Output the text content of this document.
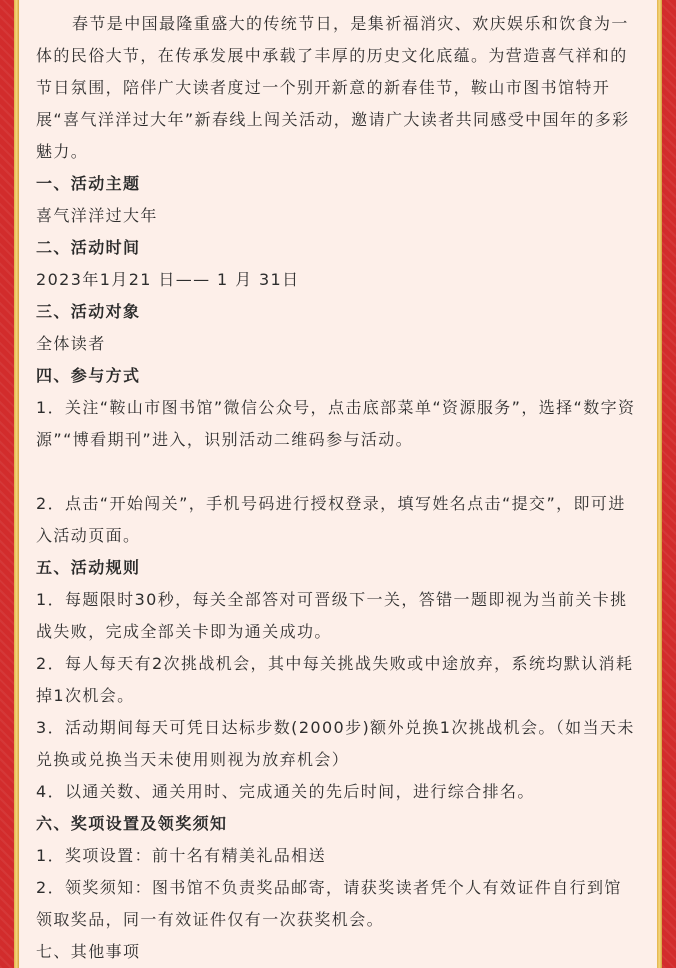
春节是中国最隆重盛大的传统节日，是集祈福消灾、欢庆娱乐和饮食为一体的民俗大节，在传承发展中承载了丰厚的历史文化底蕴。为营造喜气祥和的节日氛围，陪伴广大读者度过一个别开新意的新春佳节，鞍山市图书馆特开展“喜气洋洋过大年”新春线上闯关活动，邀请广大读者共同感受中国年的多彩魅力。

一、活动主题

喜气洋洋过大年

二、活动时间

2023年1月21 日—— 1 月 31日

三、活动对象

全体读者

四、参与方式

1．关注“鞍山市图书馆”微信公众号，点击底部菜单“资源服务”，选择“数字资源”“博看期刊”进入，识别活动二维码参与活动。

2．点击“开始闯关”，手机号码进行授权登录，填写姓名点击“提交”，即可进入活动页面。

五、活动规则

1．每题限时30秒，每关全部答对可晋级下一关，答错一题即视为当前关卡挑战失败，完成全部关卡即为通关成功。

2．每人每天有2次挑战机会，其中每关挑战失败或中途放弃，系统均默认消耗掉1次机会。

3．活动期间每天可凭日达标步数(2000步)额外兑换1次挑战机会。（如当天未兑换或兑换当天未使用则视为放弃机会）

4．以通关数、通关用时、完成通关的先后时间，进行综合排名。

六、奖项设置及领奖须知

1．奖项设置：前十名有精美礼品相送

2．领奖须知：图书馆不负责奖品邮寄，请获奖读者凭个人有效证件自行到馆领取奖品，同一有效证件仅有一次获奖机会。

七、其他事项
